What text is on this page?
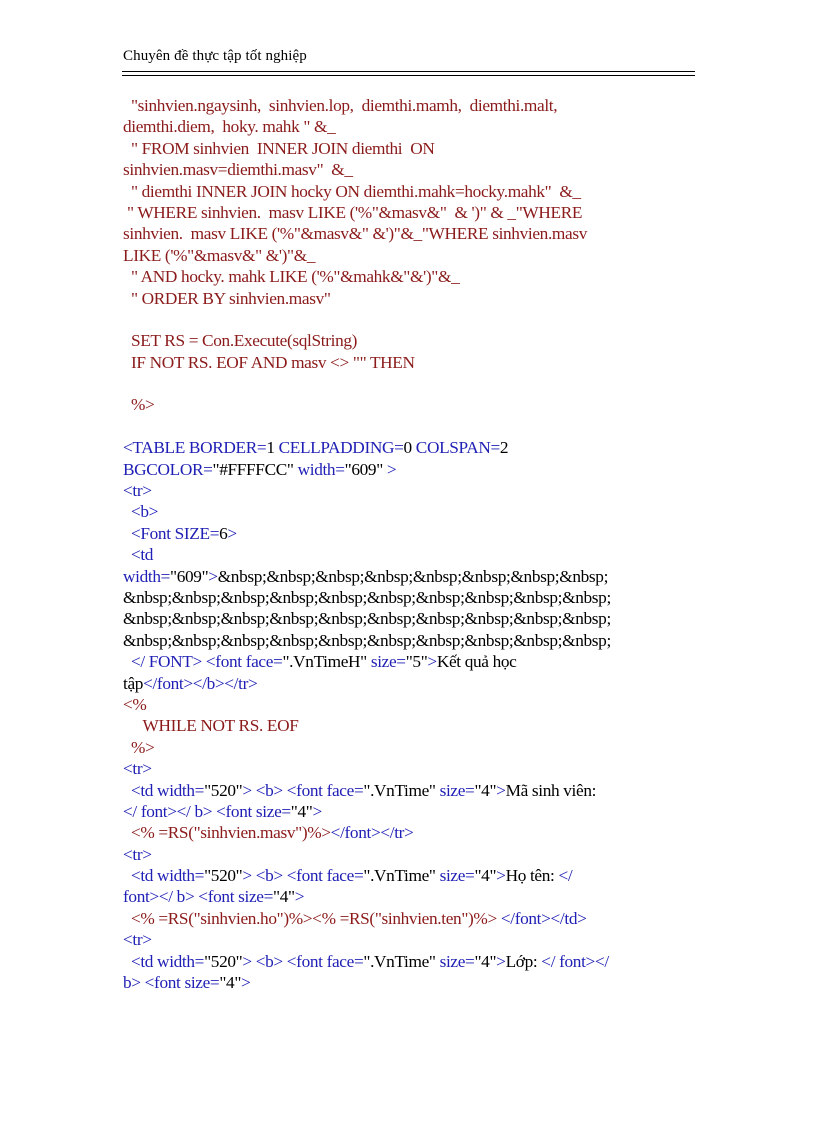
Chuyên đề thực tập tốt nghiệp
"sinhvien.ngaysinh,  sinhvien.lop,  diemthi.mamh,  diemthi.malt,
diemthi.diem,  hoky. mahk " &_
" FROM sinhvien  INNER JOIN diemthi  ON
sinhvien.masv=diemthi.masv"  &_
" diemthi INNER JOIN hocky ON diemthi.mahk=hocky.mahk"  &_
" WHERE sinhvien.  masv LIKE ('%"&masv&"  & ')" & _"WHERE
sinhvien.  masv LIKE ('%"&masv&" &')"&_"WHERE sinhvien.masv
LIKE ('%"&masv&" &')"&_
" AND hocky. mahk LIKE ('%"&mahk&"&')"&_
" ORDER BY sinhvien.masv"
SET RS = Con.Execute(sqlString)
IF NOT RS. EOF AND masv <> "" THEN
%>
<TABLE BORDER=1 CELLPADDING=0 COLSPAN=2
BGCOLOR="#FFFFCC" width="609" >
<tr>
<b>
<Font SIZE=6>
<td
width="609">&nbsp;&nbsp;&nbsp;&nbsp;&nbsp;&nbsp;&nbsp;&nbsp;
&nbsp;&nbsp;&nbsp;&nbsp;&nbsp;&nbsp;&nbsp;&nbsp;&nbsp;&nbsp;
&nbsp;&nbsp;&nbsp;&nbsp;&nbsp;&nbsp;&nbsp;&nbsp;&nbsp;&nbsp;
&nbsp;&nbsp;&nbsp;&nbsp;&nbsp;&nbsp;&nbsp;&nbsp;&nbsp;&nbsp;
</ FONT> <font face=".VnTimeH" size="5">Kết quả học
tập</font></b></tr>
<%
WHILE NOT RS. EOF
%>
<tr>
<td width="520"> <b> <font face=".VnTime" size="4">Mã sinh viên:
</ font></ b> <font size="4">
<% =RS("sinhvien.masv")%></font></tr>
<tr>
<td width="520"> <b> <font face=".VnTime" size="4">Họ tên: </
font></ b> <font size="4">
<% =RS("sinhvien.ho")%><% =RS("sinhvien.ten")%> </font></td>
<tr>
<td width="520"> <b> <font face=".VnTime" size="4">Lớp: </ font></
b> <font size="4">
